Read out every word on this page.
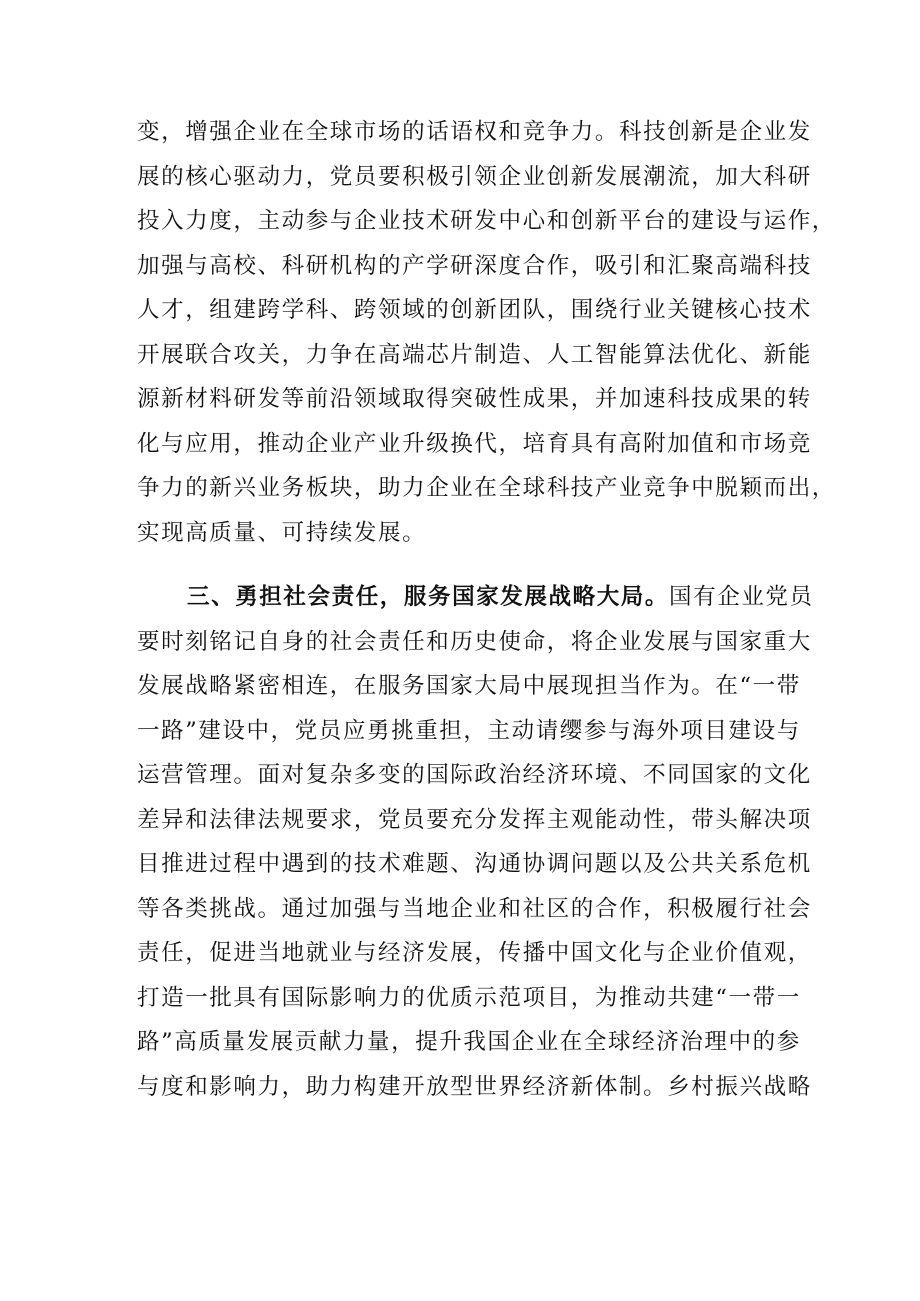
变，增强企业在全球市场的话语权和竞争力。科技创新是企业发
展的核心驱动力，党员要积极引领企业创新发展潮流，加大科研
投入力度，主动参与企业技术研发中心和创新平台的建设与运作，
加强与高校、科研机构的产学研深度合作，吸引和汇聚高端科技
人才，组建跨学科、跨领域的创新团队，围绕行业关键核心技术
开展联合攻关，力争在高端芯片制造、人工智能算法优化、新能
源新材料研发等前沿领域取得突破性成果，并加速科技成果的转
化与应用，推动企业产业升级换代，培育具有高附加值和市场竞
争力的新兴业务板块，助力企业在全球科技产业竞争中脱颖而出，
实现高质量、可持续发展。
三、勇担社会责任，服务国家发展战略大局。国有企业党员
要时刻铭记自身的社会责任和历史使命，将企业发展与国家重大
发展战略紧密相连，在服务国家大局中展现担当作为。在“一带
一路”建设中，党员应勇挑重担，主动请缨参与海外项目建设与
运营管理。面对复杂多变的国际政治经济环境、不同国家的文化
差异和法律法规要求，党员要充分发挥主观能动性，带头解决项
目推进过程中遇到的技术难题、沟通协调问题以及公共关系危机
等各类挑战。通过加强与当地企业和社区的合作，积极履行社会
责任，促进当地就业与经济发展，传播中国文化与企业价值观，
打造一批具有国际影响力的优质示范项目，为推动共建“一带一
路”高质量发展贡献力量，提升我国企业在全球经济治理中的参
与度和影响力，助力构建开放型世界经济新体制。乡村振兴战略
